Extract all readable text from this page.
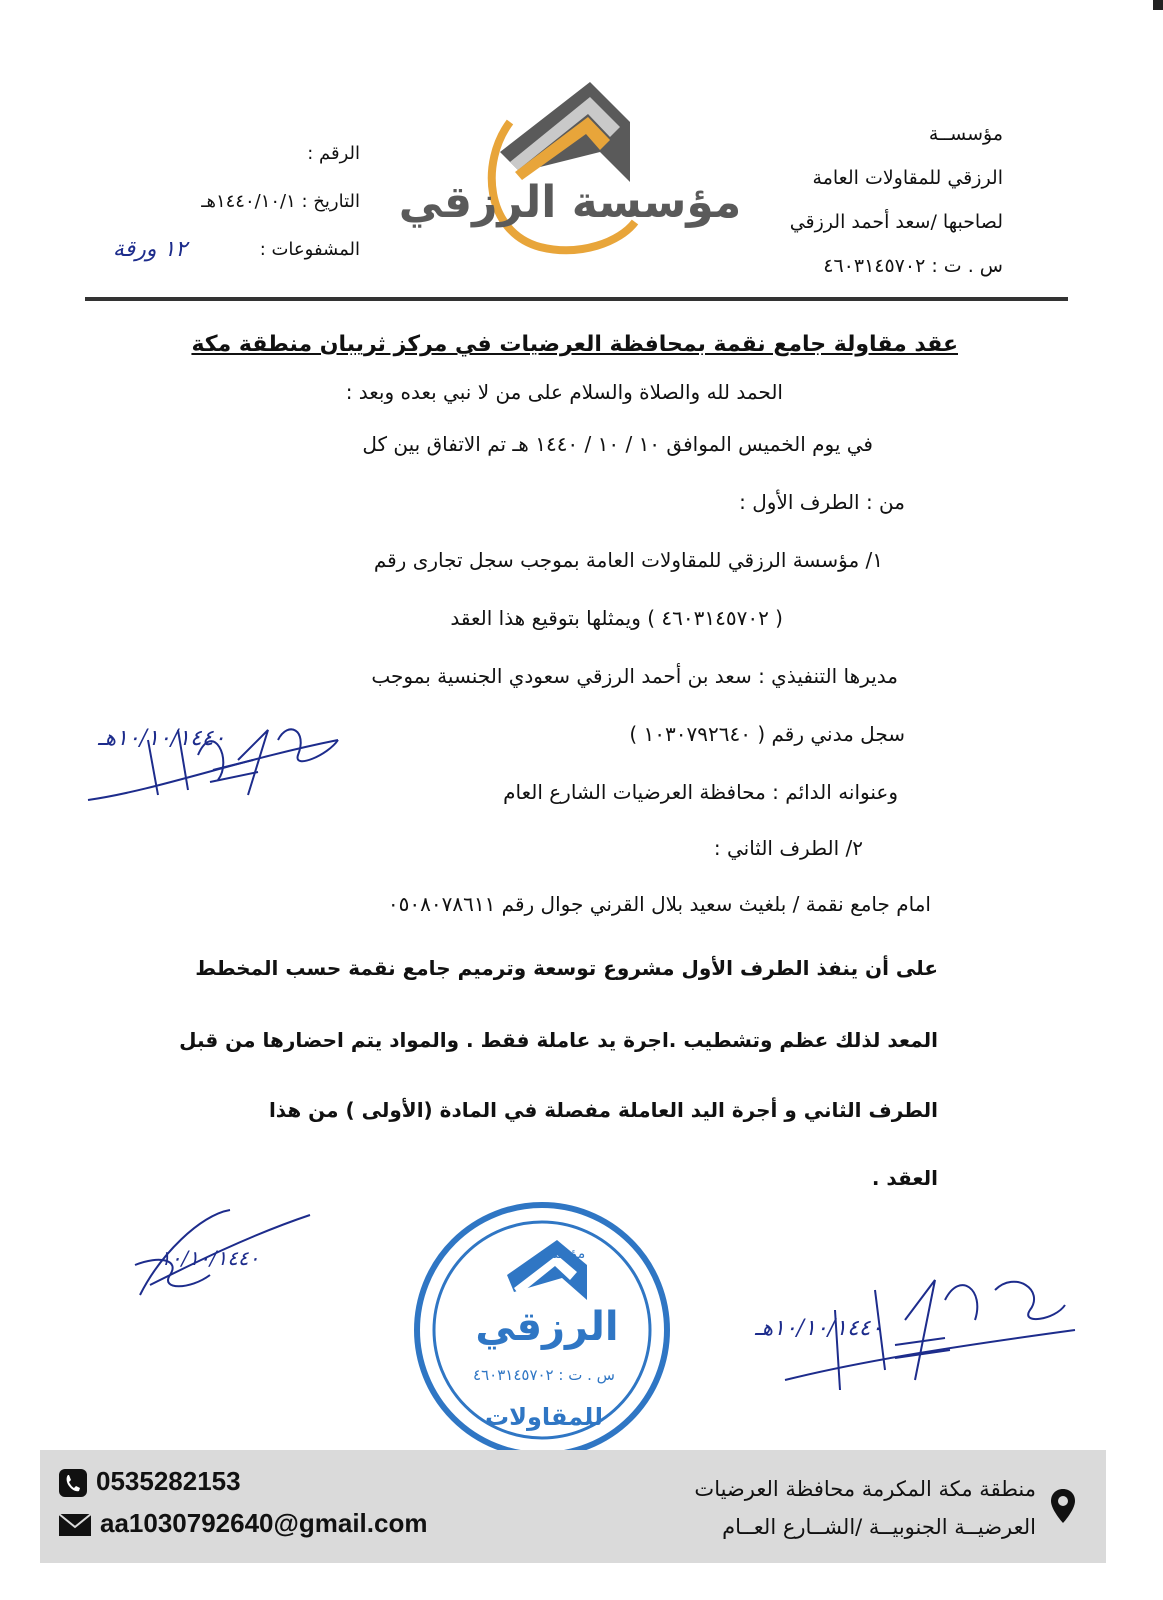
مؤسســة
الرزقي للمقاولات العامة
لصاحبها /سعد أحمد الرزقي
س . ت : ٤٦٠٣١٤٥٧٠٢
مؤسسة الرزقي
الرقم :
التاريخ : ١٤٤٠/١٠/١هـ
المشفوعات :
١٢ ورقة
عقد مقاولة جامع نقمة بمحافظة العرضيات في مركز ثريبان منطقة مكة
الحمد لله والصلاة والسلام على من لا نبي بعده وبعد :
في يوم الخميس الموافق ١٠ / ١٠ / ١٤٤٠ هـ تم الاتفاق بين كل
من : الطرف الأول :
١/ مؤسسة الرزقي للمقاولات العامة بموجب سجل تجارى رقم
( ٤٦٠٣١٤٥٧٠٢ ) ويمثلها بتوقيع هذا العقد
مديرها التنفيذي : سعد بن أحمد الرزقي سعودي الجنسية بموجب
سجل مدني رقم ( ١٠٣٠٧٩٢٦٤٠ )
وعنوانه الدائم : محافظة العرضيات الشارع العام
٢/ الطرف الثاني :
امام جامع نقمة / بلغيث سعيد بلال القرني جوال رقم ٠٥٠٨٠٧٨٦١١
على أن ينفذ الطرف الأول مشروع توسعة وترميم جامع نقمة حسب المخطط
المعد لذلك عظم وتشطيب .اجرة يد عاملة فقط . والمواد يتم احضارها من قبل
الطرف الثاني و أجرة اليد العاملة مفصلة في المادة (الأولى ) من هذا
العقد .
١٠/١٠/١٤٤٠هـ
١٠/١٠/١٤٤٠
١٠/١٠/١٤٤٠هـ
مؤسسة
الرزقي
س . ت : ٤٦٠٣١٤٥٧٠٢
للمقاولات
0535282153
aa1030792640@gmail.com
منطقة مكة المكرمة محافظة العرضيات
العرضيــة الجنوبيــة /الشــارع العــام
